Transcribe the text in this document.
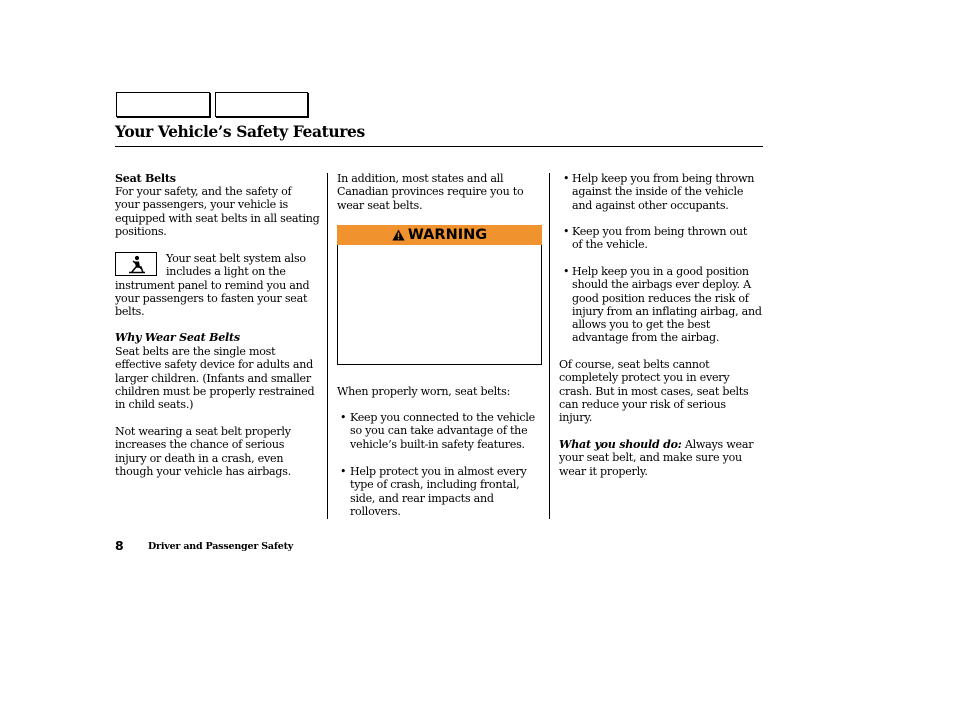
Your Vehicle’s Safety Features

Seat Belts

For your safety, and the safety of
your passengers, your vehicle is
equipped with seat belts in all seating
positions.
Your seat belt system also
includes a light on the
instrument panel to remind you and
your passengers to fasten your seat
belts.

Why Wear Seat Belts

Seat belts are the single most
effective safety device for adults and
larger children. (Infants and smaller
children must be properly restrained
in child seats.)
Not wearing a seat belt properly
increases the chance of serious
injury or death in a crash, even
though your vehicle has airbags.
In addition, most states and all
Canadian provinces require you to
wear seat belts.
WARNING

When properly worn, seat belts:

• Keep you connected to the vehicle
so you can take advantage of the
vehicle’s built-in safety features.

• Help protect you in almost every
type of crash, including frontal,
side, and rear impacts and
rollovers.

• Help keep you from being thrown
against the inside of the vehicle
and against other occupants.

• Keep you from being thrown out
of the vehicle.

• Help keep you in a good position
should the airbags ever deploy. A
good position reduces the risk of
injury from an inflating airbag, and
allows you to get the best
advantage from the airbag.
Of course, seat belts cannot
completely protect you in every
crash. But in most cases, seat belts
can reduce your risk of serious
injury.
What you should do: Always wear
your seat belt, and make sure you
wear it properly.

8	Driver and Passenger Safety
